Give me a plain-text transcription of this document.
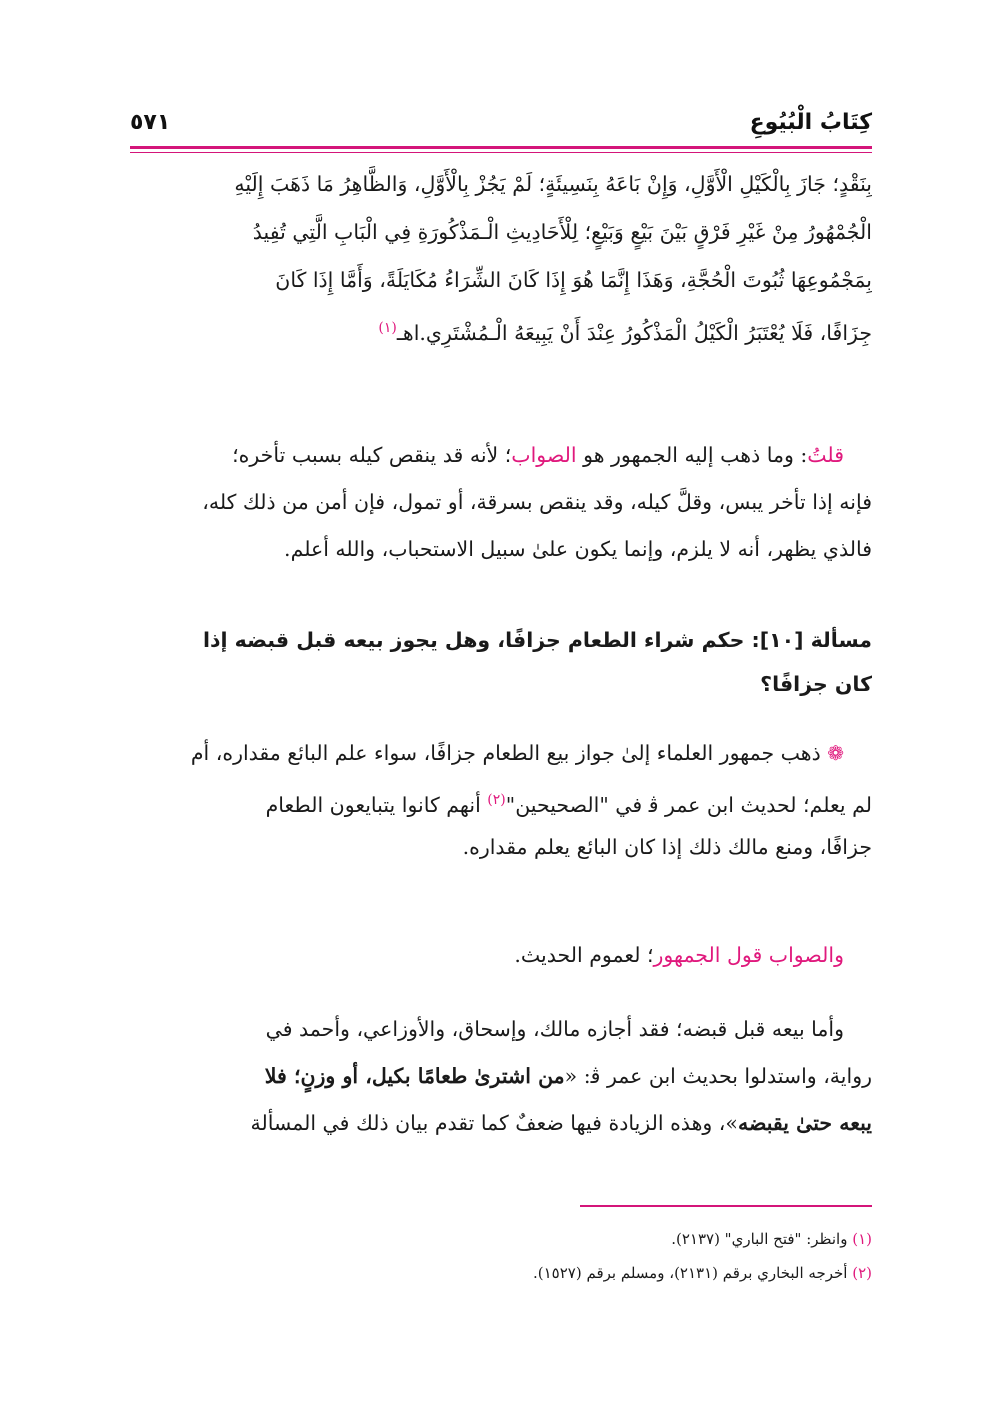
كِتَابُ الْبُيُوعِ
٥٧١
بِنَقْدٍ؛ جَازَ بِالْكَيْلِ الْأَوَّلِ، وَإِنْ بَاعَهُ بِنَسِيئَةٍ؛ لَمْ يَجُزْ بِالْأَوَّلِ، وَالظَّاهِرُ مَا ذَهَبَ إِلَيْهِ
الْجُمْهُورُ مِنْ غَيْرِ فَرْقٍ بَيْنَ بَيْعٍ وَبَيْعٍ؛ لِلْأَحَادِيثِ الْـمَذْكُورَةِ فِي الْبَابِ الَّتِي تُفِيدُ
بِمَجْمُوعِهَا ثُبُوتَ الْحُجَّةِ، وَهَذَا إِنَّمَا هُوَ إِذَا كَانَ الشِّرَاءُ مُكَايَلَةً، وَأَمَّا إِذَا كَانَ
جِزَافًا، فَلَا يُعْتَبَرُ الْكَيْلُ الْمَذْكُورُ عِنْدَ أَنْ يَبِيعَهُ الْـمُشْتَرِي.اهـ$^{(١)}$
قلتُ: وما ذهب إليه الجمهور هو الصواب؛ لأنه قد ينقص كيله بسبب تأخره؛
فإنه إذا تأخر يبس، وقلَّ كيله، وقد ينقص بسرقة، أو تمول، فإن أمن من ذلك كله،
فالذي يظهر، أنه لا يلزم، وإنما يكون علىٰ سبيل الاستحباب، والله أعلم.
مسألة [١٠]: حكم شراء الطعام جزافًا، وهل يجوز بيعه قبل قبضه إذا
كان جزافًا؟
❁ ذهب جمهور العلماء إلىٰ جواز بيع الطعام جزافًا، سواء علم البائع مقداره، أم
لم يعلم؛ لحديث ابن عمر ﭬ في "الصحيحين"$^{(٢)}$ أنهم كانوا يتبايعون الطعام
جزافًا، ومنع مالك ذلك إذا كان البائع يعلم مقداره.
والصواب قول الجمهور؛ لعموم الحديث.
وأما بيعه قبل قبضه؛ فقد أجازه مالك، وإسحاق، والأوزاعي، وأحمد في
رواية، واستدلوا بحديث ابن عمر ﭬ: «من اشترىٰ طعامًا بكيل، أو وزنٍ؛ فلا
يبعه حتىٰ يقبضه»، وهذه الزيادة فيها ضعفٌ كما تقدم بيان ذلك في المسألة
(١) وانظر: "فتح الباري" (٢١٣٧).
(٢) أخرجه البخاري برقم (٢١٣١)، ومسلم برقم (١٥٢٧).
